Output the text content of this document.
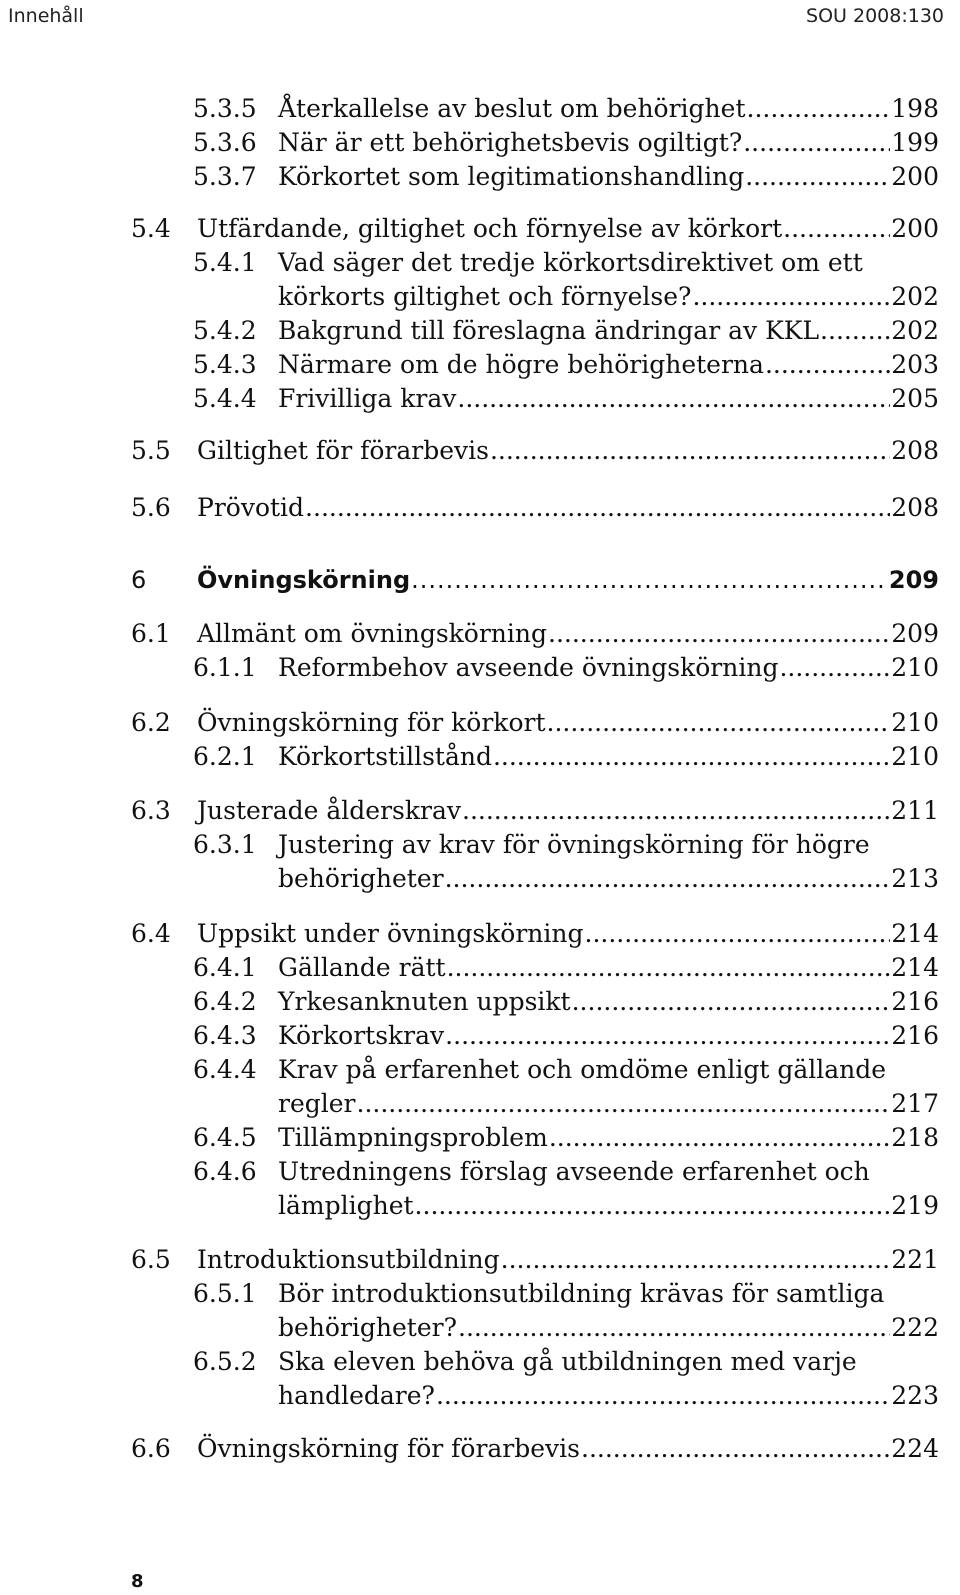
Innehåll	SOU 2008:130
5.3.5 Återkallelse av beslut om behörighet .....	198
5.3.6 När är ett behörighetsbevis ogiltigt? .....	199
5.3.7 Körkortet som legitimationshandling .....	200
5.4 Utfärdande, giltighet och förnyelse av körkort .....	200
5.4.1 Vad säger det tredje körkortsdirektivet om ett
körkorts giltighet och förnyelse? .....	202
5.4.2 Bakgrund till föreslagna ändringar av KKL .....	202
5.4.3 Närmare om de högre behörigheterna .....	203
5.4.4 Frivilliga krav .....	205
5.5 Giltighet för förarbevis .....	208
5.6 Prövotid .....	208
6 Övningskörning .....	209
6.1 Allmänt om övningskörning .....	209
6.1.1 Reformbehov avseende övningskörning .....	210
6.2 Övningskörning för körkort .....	210
6.2.1 Körkortstillstånd .....	210
6.3 Justerade ålderskrav .....	211
6.3.1 Justering av krav för övningskörning för högre
behörigheter .....	213
6.4 Uppsikt under övningskörning .....	214
6.4.1 Gällande rätt .....	214
6.4.2 Yrkesanknuten uppsikt .....	216
6.4.3 Körkortskrav .....	216
6.4.4 Krav på erfarenhet och omdöme enligt gällande
regler .....	217
6.4.5 Tillämpningsproblem .....	218
6.4.6 Utredningens förslag avseende erfarenhet och
lämplighet .....	219
6.5 Introduktionsutbildning .....	221
6.5.1 Bör introduktionsutbildning krävas för samtliga
behörigheter? .....	222
6.5.2 Ska eleven behöva gå utbildningen med varje
handledare? .....	223
6.6 Övningskörning för förarbevis .....	224
8
